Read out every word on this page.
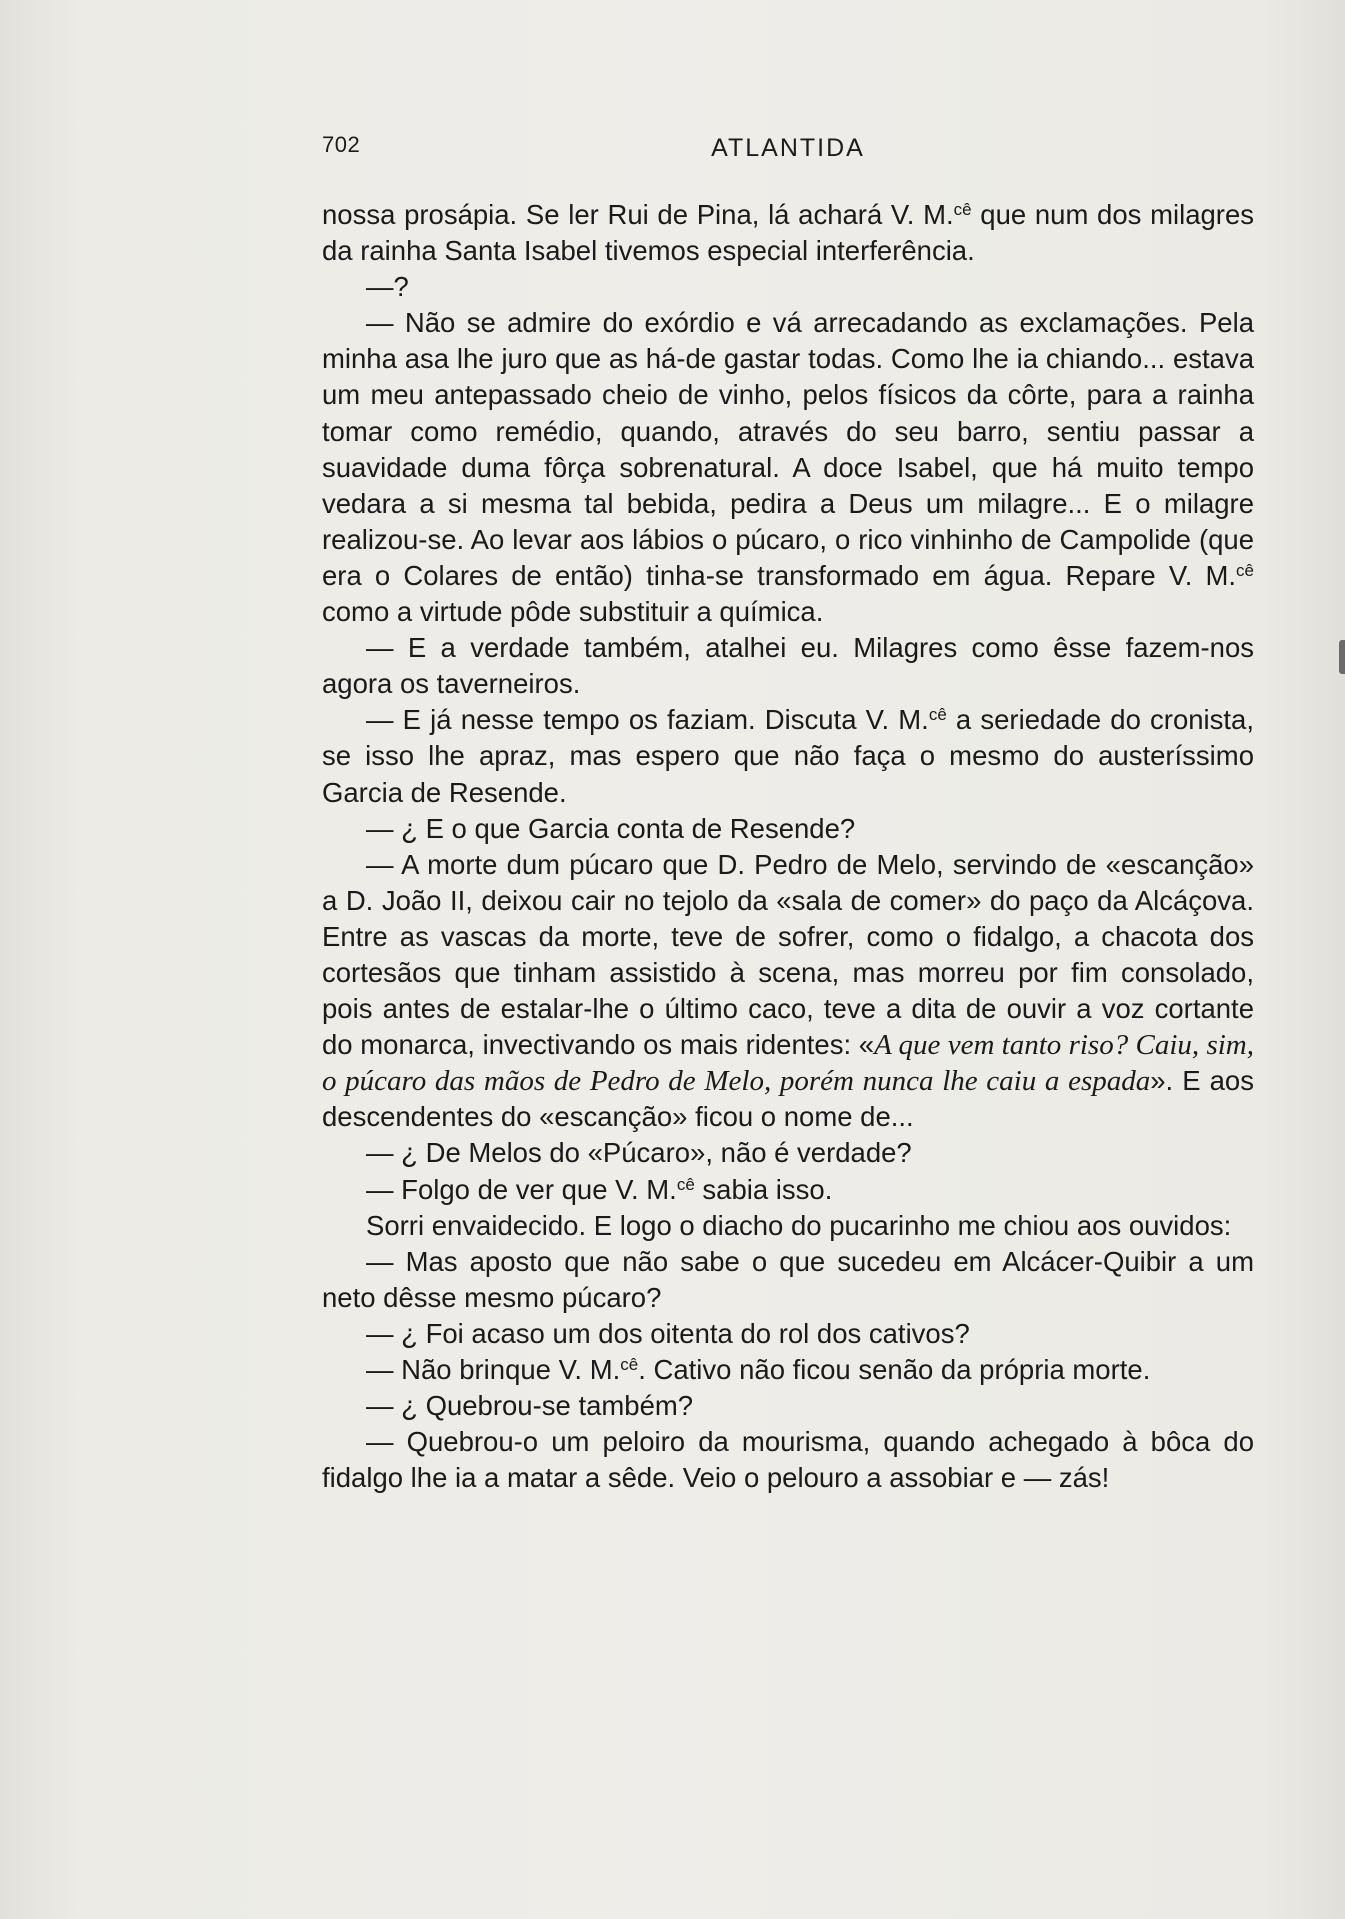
702	ATLANTIDA

nossa prosápia. Se ler Rui de Pina, lá achará V. M.$^{cê}$ que num dos milagres da rainha Santa Isabel tivemos especial interferência.

—?

— Não se admire do exórdio e vá arrecadando as exclamações. Pela minha asa lhe juro que as há-de gastar todas. Como lhe ia chiando... estava um meu antepassado cheio de vinho, pelos físicos da côrte, para a rainha tomar como remédio, quando, através do seu barro, sentiu passar a suavidade duma fôrça sobrenatural. A doce Isabel, que há muito tempo vedara a si mesma tal bebida, pedira a Deus um milagre... E o milagre realizou-se. Ao levar aos lábios o púcaro, o rico vinhinho de Campolide (que era o Colares de então) tinha-se transformado em água. Repare V. M.$^{cê}$ como a virtude pôde substituir a química.

— E a verdade também, atalhei eu. Milagres como êsse fazem-nos agora os taverneiros.

— E já nesse tempo os faziam. Discuta V. M.$^{cê}$ a seriedade do cronista, se isso lhe apraz, mas espero que não faça o mesmo do austeríssimo Garcia de Resende.

— ¿ E o que Garcia conta de Resende?

— A morte dum púcaro que D. Pedro de Melo, servindo de «escanção» a D. João II, deixou cair no tejolo da «sala de comer» do paço da Alcáçova. Entre as vascas da morte, teve de sofrer, como o fidalgo, a chacota dos cortesãos que tinham assistido à scena, mas morreu por fim consolado, pois antes de estalar-lhe o último caco, teve a dita de ouvir a voz cortante do monarca, invectivando os mais ridentes: «A que vem tanto riso? Caiu, sim, o púcaro das mãos de Pedro de Melo, porém nunca lhe caiu a espada». E aos descendentes do «escanção» ficou o nome de...

— ¿ De Melos do «Púcaro», não é verdade?

— Folgo de ver que V. M.$^{cê}$ sabia isso.

Sorri envaidecido. E logo o diacho do pucarinho me chiou aos ouvidos:

— Mas aposto que não sabe o que sucedeu em Alcácer-Quibir a um neto dêsse mesmo púcaro?

— ¿ Foi acaso um dos oitenta do rol dos cativos?

— Não brinque V. M.$^{cê}$. Cativo não ficou senão da própria morte.

— ¿ Quebrou-se também?

— Quebrou-o um peloiro da mourisma, quando achegado à bôca do fidalgo lhe ia a matar a sêde. Veio o pelouro a assobiar e — zás!
